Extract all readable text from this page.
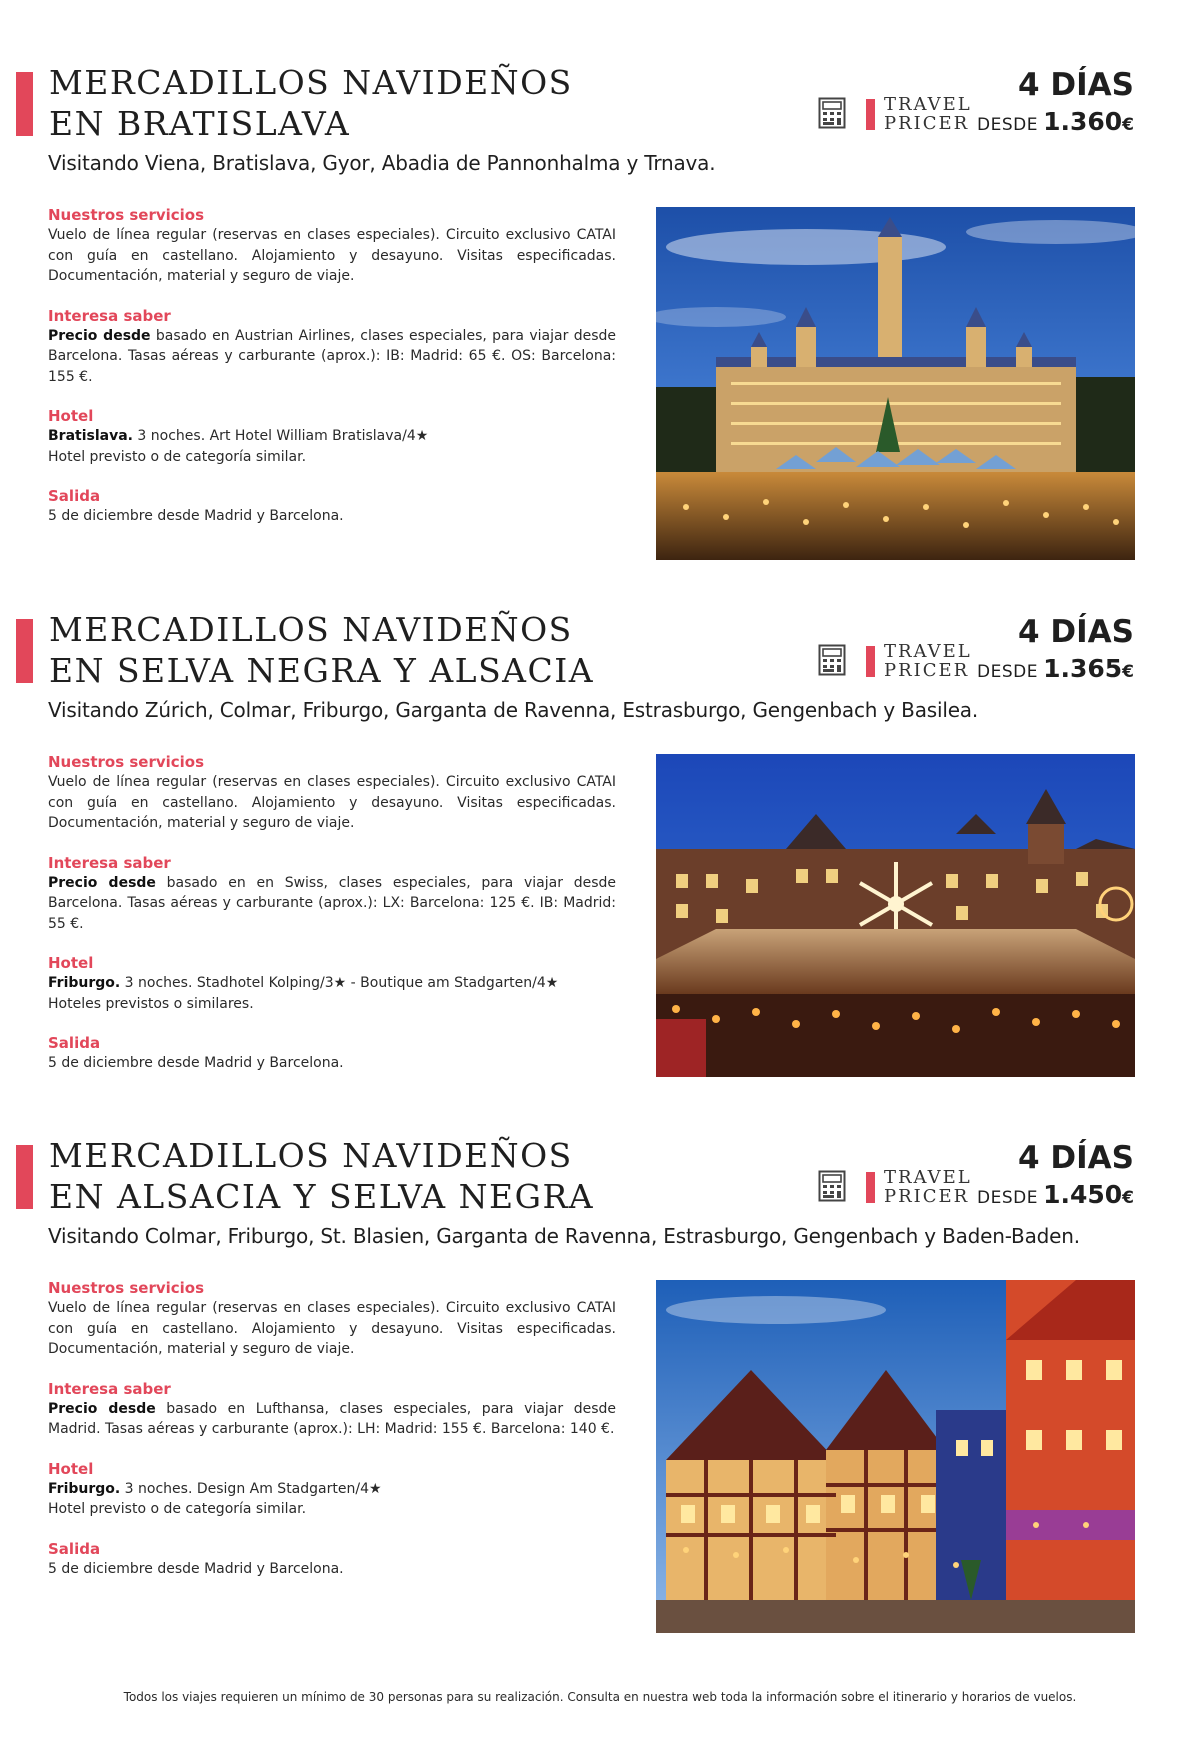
MERCADILLOS NAVIDEÑOS
EN BRATISLAVA	TRAVEL
PRICER
4 DÍAS
DESDE 1.360€
Visitando Viena, Bratislava, Gyor, Abadia de Pannonhalma y Trnava.
Nuestros servicios
Vuelo de línea regular (reservas en clases especiales). Circuito exclusivo CATAI con guía en castellano. Alojamiento y desayuno. Visitas especificadas. Documentación, material y seguro de viaje.
Interesa saber
Precio desde basado en Austrian Airlines, clases especiales, para viajar desde Barcelona. Tasas aéreas y carburante (aprox.): IB: Madrid: 65 €. OS: Barcelona: 155 €.
Hotel
Bratislava. 3 noches. Art Hotel William Bratislava/4★
Hotel previsto o de categoría similar.
Salida
5 de diciembre desde Madrid y Barcelona.
MERCADILLOS NAVIDEÑOS
EN SELVA NEGRA Y ALSACIA	TRAVEL
PRICER
4 DÍAS
DESDE 1.365€
Visitando Zúrich, Colmar, Friburgo, Garganta de Ravenna, Estrasburgo, Gengenbach y Basilea.
Nuestros servicios
Vuelo de línea regular (reservas en clases especiales). Circuito exclusivo CATAI con guía en castellano. Alojamiento y desayuno. Visitas especificadas. Documentación, material y seguro de viaje.
Interesa saber
Precio desde basado en en Swiss, clases especiales, para viajar desde Barcelona. Tasas aéreas y carburante (aprox.): LX: Barcelona: 125 €. IB: Madrid: 55 €.
Hotel
Friburgo. 3 noches. Stadhotel Kolping/3★ - Boutique am Stadgarten/4★
Hoteles previstos o similares.
Salida
5 de diciembre desde Madrid y Barcelona.
MERCADILLOS NAVIDEÑOS
EN ALSACIA Y SELVA NEGRA	TRAVEL
PRICER
4 DÍAS
DESDE 1.450€
Visitando Colmar, Friburgo, St. Blasien, Garganta de Ravenna, Estrasburgo, Gengenbach y Baden-Baden.
Nuestros servicios
Vuelo de línea regular (reservas en clases especiales). Circuito exclusivo CATAI con guía en castellano. Alojamiento y desayuno. Visitas especificadas. Documentación, material y seguro de viaje.
Interesa saber
Precio desde basado en Lufthansa, clases especiales, para viajar desde Madrid. Tasas aéreas y carburante (aprox.): LH: Madrid: 155 €. Barcelona: 140 €.
Hotel
Friburgo. 3 noches. Design Am Stadgarten/4★
Hotel previsto o de categoría similar.
Salida
5 de diciembre desde Madrid y Barcelona.
Todos los viajes requieren un mínimo de 30 personas para su realización. Consulta en nuestra web toda la información sobre el itinerario y horarios de vuelos.
